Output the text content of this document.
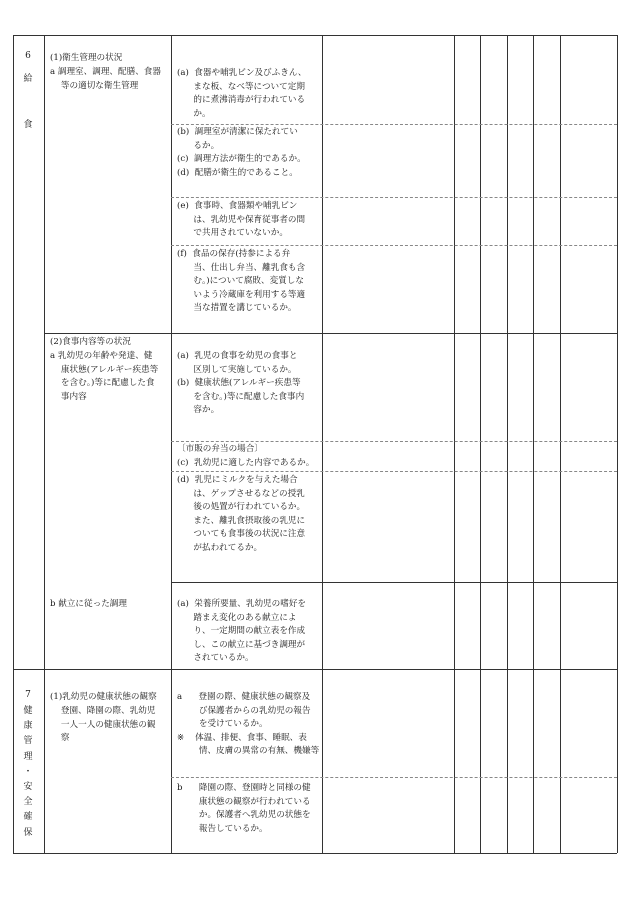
6
給

食
(1)衛生管理の状況
a 調理室、調理、配膳、食器
等の適切な衛生管理
(a)  食器や哺乳ビン及びふきん、
まな板、なべ等について定期
的に煮沸消毒が行われている
か。
(b)  調理室が清潔に保たれてい
るか。
(c)  調理方法が衛生的であるか。
(d)  配膳が衛生的であること。
(e)  食事時、食器類や哺乳ビン
は、乳幼児や保育従事者の間
で共用されていないか。
(f)  食品の保存(持参による弁
当、仕出し弁当、離乳食も含
む。)について腐敗、変質しな
いよう冷蔵庫を利用する等適
当な措置を講じているか。
(2)食事内容等の状況
a 乳幼児の年齢や発達、健
康状態(アレルギー疾患等
を含む。)等に配慮した食
事内容
(a)  乳児の食事を幼児の食事と
区別して実施しているか。
(b)  健康状態(アレルギー疾患等
を含む。)等に配慮した食事内
容か。
〔市販の弁当の場合〕
(c)  乳幼児に適した内容であるか。
(d)  乳児にミルクを与えた場合
は、ゲップさせるなどの授乳
後の処置が行われているか。
また、離乳食摂取後の乳児に
ついても食事後の状況に注意
が払われてるか。
b 献立に従った調理	(a)  栄養所要量、乳幼児の嗜好を
踏まえ変化のある献立によ
り、一定期間の献立表を作成
し、この献立に基づき調理が
されているか。
7
健
康
管
理
・
安
全
確
保
(1)乳幼児の健康状態の観察
登園、降園の際、乳幼児
一人一人の健康状態の観
察
a      登園の際、健康状態の観察及
び保護者からの乳幼児の報告
を受けているか。
※    体温、排便、食事、睡眠、表
情、皮膚の異常の有無、機嫌等
b      降園の際、登園時と同様の健
康状態の観察が行われている
か。保護者へ乳幼児の状態を
報告しているか。
